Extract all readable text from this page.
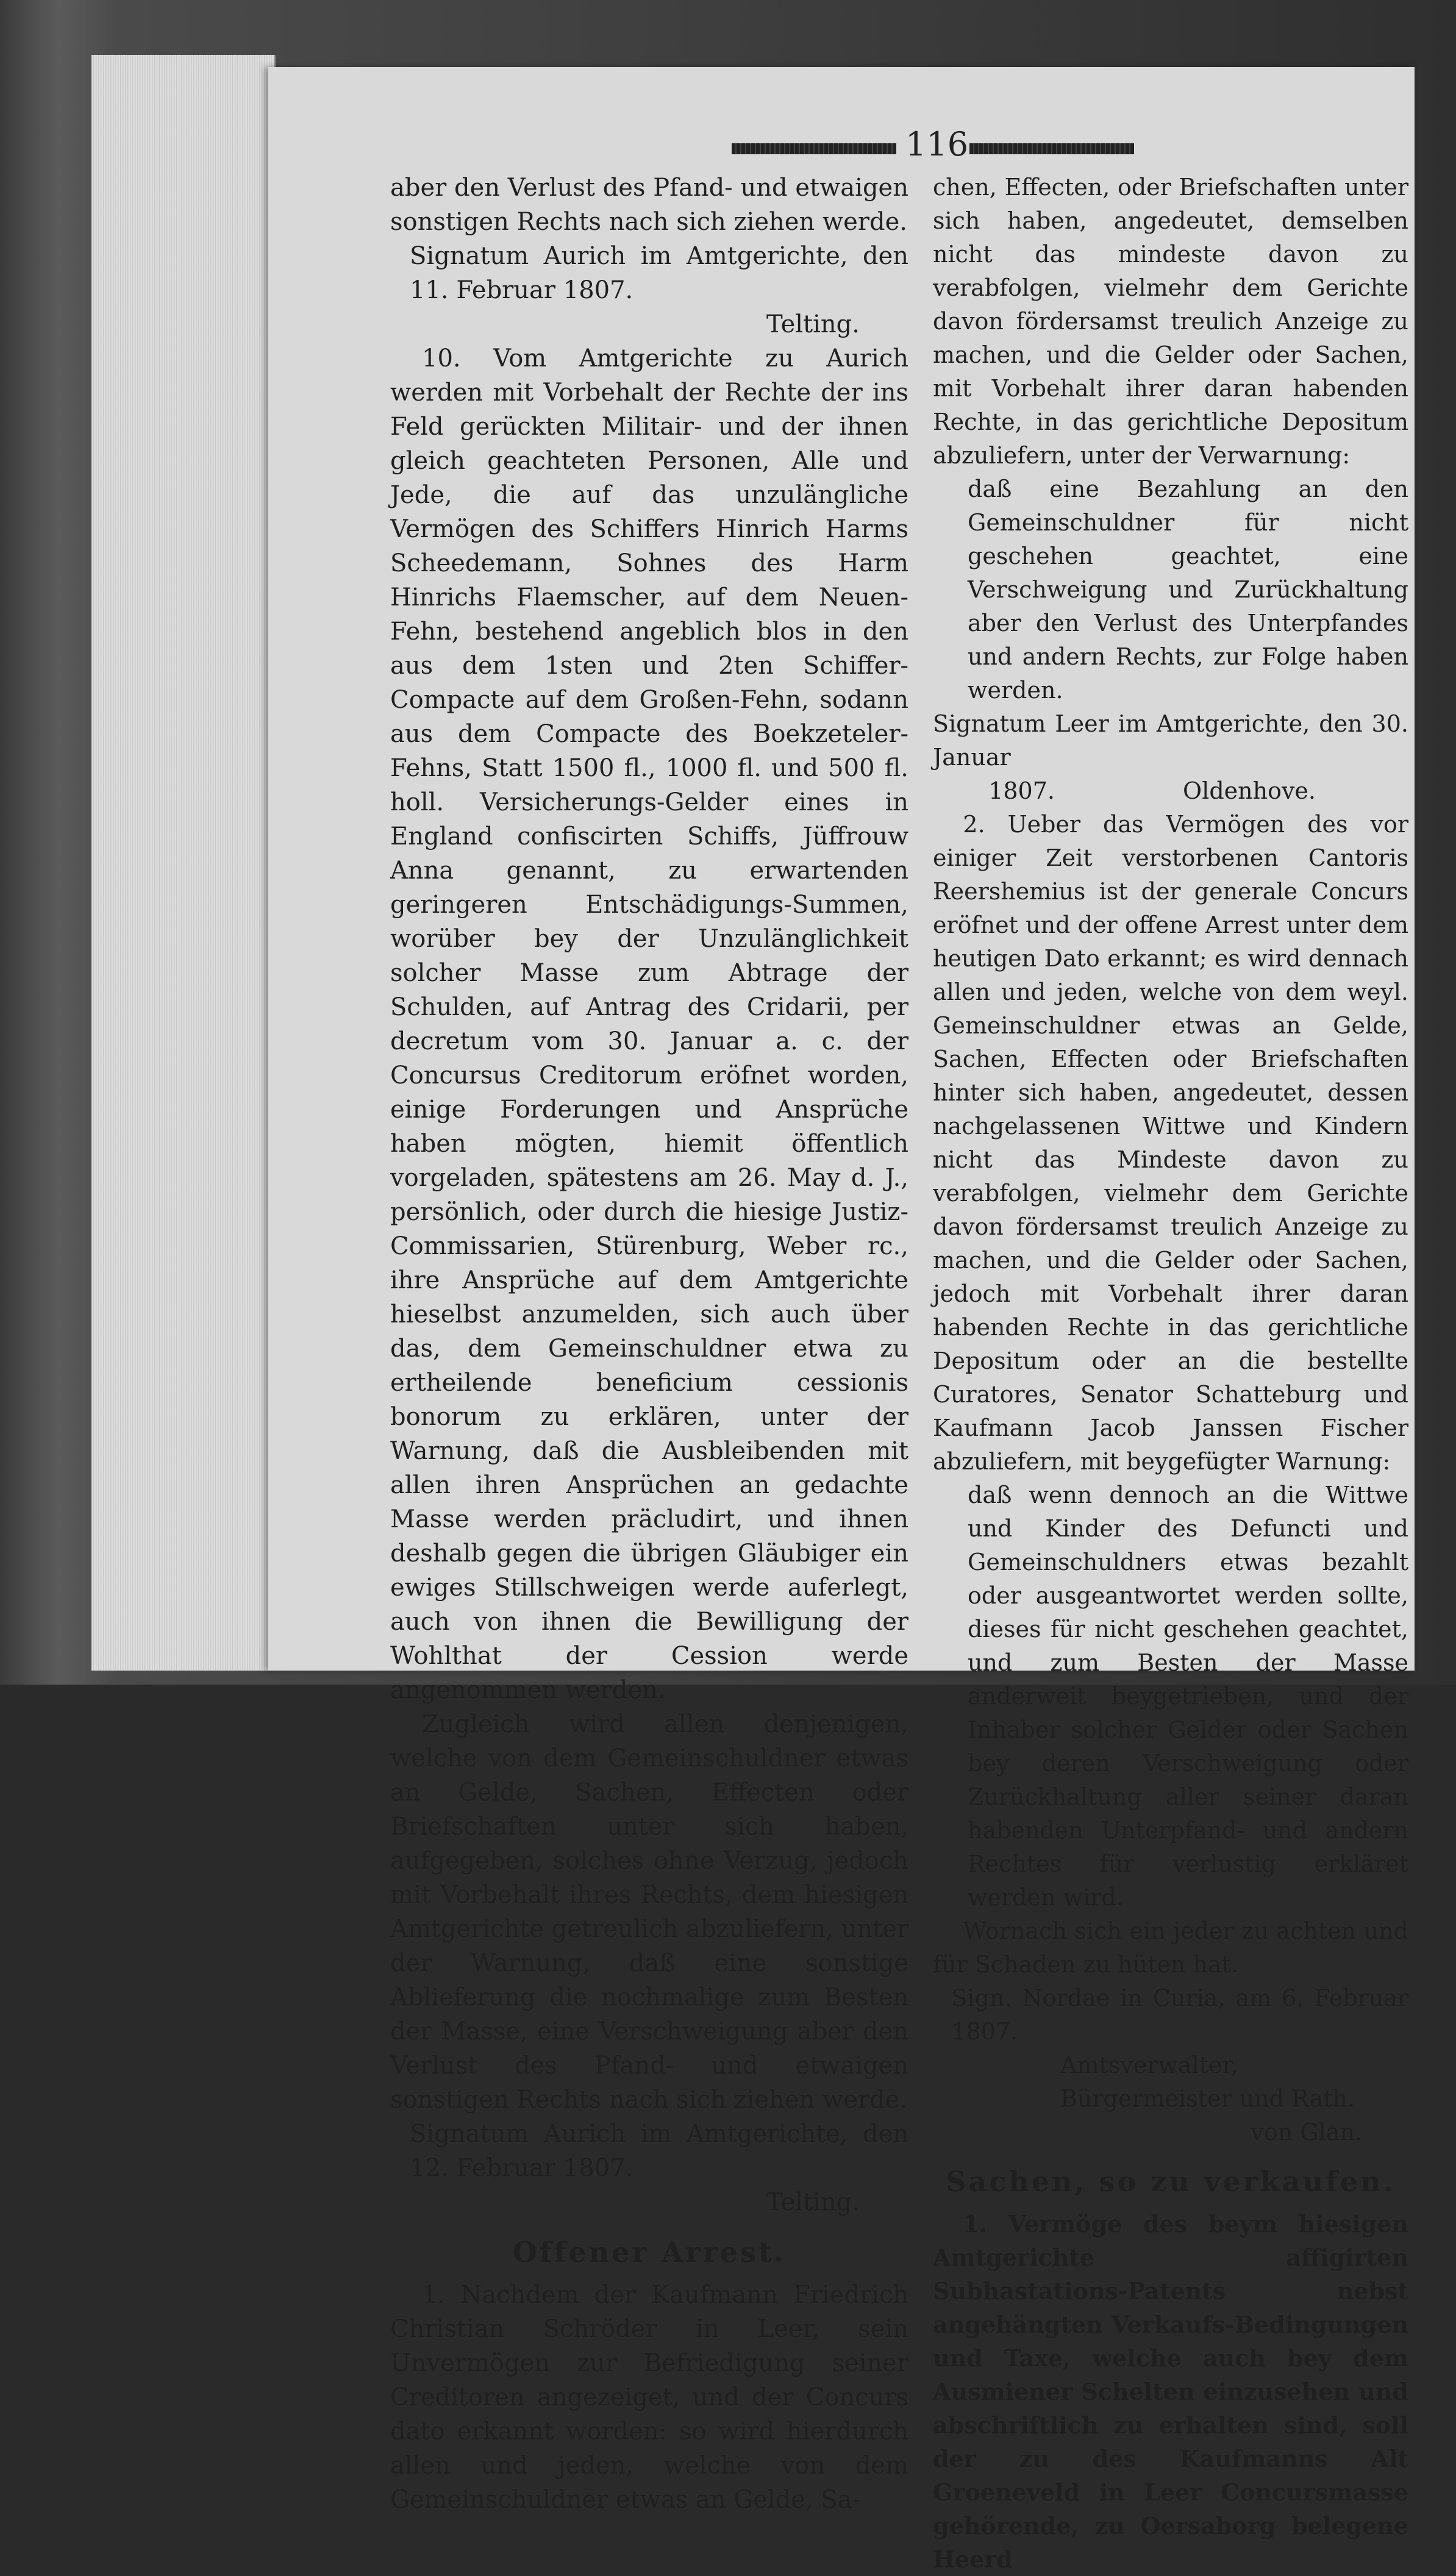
116

aber den Verlust des Pfand- und etwaigen sonstigen Rechts nach sich ziehen werde.

Signatum Aurich im Amtgerichte, den 11. Februar 1807.

Telting.

10. Vom Amtgerichte zu Aurich werden mit Vorbehalt der Rechte der ins Feld gerückten Militair- und der ihnen gleich geachteten Personen, Alle und Jede, die auf das unzulängliche Vermögen des Schiffers Hinrich Harms Scheedemann, Sohnes des Harm Hinrichs Flaemscher, auf dem Neuen-Fehn, bestehend angeblich blos in den aus dem 1sten und 2ten Schiffer-Compacte auf dem Großen-Fehn, sodann aus dem Compacte des Boekzeteler-Fehns, Statt 1500 fl., 1000 fl. und 500 fl. holl. Versicherungs-Gelder eines in England confiscirten Schiffs, Jüffrouw Anna genannt, zu erwartenden geringeren Entschädigungs-Summen, worüber bey der Unzulänglichkeit solcher Masse zum Abtrage der Schulden, auf Antrag des Cridarii, per decretum vom 30. Januar a. c. der Concursus Creditorum eröfnet worden, einige Forderungen und Ansprüche haben mögten, hiemit öffentlich vorgeladen, spätestens am 26. May d. J., persönlich, oder durch die hiesige Justiz-Commissarien, Stürenburg, Weber rc., ihre Ansprüche auf dem Amtgerichte hieselbst anzumelden, sich auch über das, dem Gemeinschuldner etwa zu ertheilende beneficium cessionis bonorum zu erklären, unter der Warnung, daß die Ausbleibenden mit allen ihren Ansprüchen an gedachte Masse werden präcludirt, und ihnen deshalb gegen die übrigen Gläubiger ein ewiges Stillschweigen werde auferlegt, auch von ihnen die Bewilligung der Wohlthat der Cession werde angenommen werden.

Zugleich wird allen denjenigen, welche von dem Gemeinschuldner etwas an Gelde, Sachen, Effecten oder Briefschaften unter sich haben, aufgegeben, solches ohne Verzug, jedoch mit Vorbehalt ihres Rechts, dem hiesigen Amtgerichte getreulich abzuliefern, unter der Warnung, daß eine sonstige Ablieferung die nochmalige zum Besten der Masse, eine Verschweigung aber den Verlust des Pfand- und etwaigen sonstigen Rechts nach sich ziehen werde.

Signatum Aurich im Amtgerichte, den 12. Februar 1807.

Telting.

Offener Arrest.

1. Nachdem der Kaufmann Friedrich Christian Schröder in Leer, sein Unvermögen zur Befriedigung seiner Creditoren angezeiget, und der Concurs dato erkannt worden: so wird hierdurch allen und jeden, welche von dem Gemeinschuldner etwas an Gelde, Sa-

chen, Effecten, oder Briefschaften unter sich haben, angedeutet, demselben nicht das mindeste davon zu verabfolgen, vielmehr dem Gerichte davon fördersamst treulich Anzeige zu machen, und die Gelder oder Sachen, mit Vorbehalt ihrer daran habenden Rechte, in das gerichtliche Depositum abzuliefern, unter der Verwarnung:

daß eine Bezahlung an den Gemeinschuldner für nicht geschehen geachtet, eine Verschweigung und Zurückhaltung aber den Verlust des Unterpfandes und andern Rechts, zur Folge haben werden.

Signatum Leer im Amtgerichte, den 30. Januar

1807.	Oldenhove.

2. Ueber das Vermögen des vor einiger Zeit verstorbenen Cantoris Reershemius ist der generale Concurs eröfnet und der offene Arrest unter dem heutigen Dato erkannt; es wird dennach allen und jeden, welche von dem weyl. Gemeinschuldner etwas an Gelde, Sachen, Effecten oder Briefschaften hinter sich haben, angedeutet, dessen nachgelassenen Wittwe und Kindern nicht das Mindeste davon zu verabfolgen, vielmehr dem Gerichte davon fördersamst treulich Anzeige zu machen, und die Gelder oder Sachen, jedoch mit Vorbehalt ihrer daran habenden Rechte in das gerichtliche Depositum oder an die bestellte Curatores, Senator Schatteburg und Kaufmann Jacob Janssen Fischer abzuliefern, mit beygefügter Warnung:

daß wenn dennoch an die Wittwe und Kinder des Defuncti und Gemeinschuldners etwas bezahlt oder ausgeantwortet werden sollte, dieses für nicht geschehen geachtet, und zum Besten der Masse anderweit beygetrieben, und der Inhaber solcher Gelder oder Sachen bey deren Verschweigung oder Zurückhaltung aller seiner daran habenden Unterpfand- und andern Rechtes für verlustig erkläret werden wird.

Wornach sich ein jeder zu achten und für Schaden zu hüten hat.

Sign. Nordae in Curia, am 6. Februar 1807.

Amtsverwalter, Bürgermeister und Rath.

von Glan.

Sachen, so zu verkaufen.

1. Vermöge des beym hiesigen Amtgerichte affigirten Subhastations-Patents nebst angehängten Verkaufs-Bedingungen und Taxe, welche auch bey dem Ausmiener Schelten einzusehen und abschriftlich zu erhalten sind, soll der zu des Kaufmanns Alt Groeneveld in Leer Concursmasse gehörende, zu Oersaborg belegene Heerd
